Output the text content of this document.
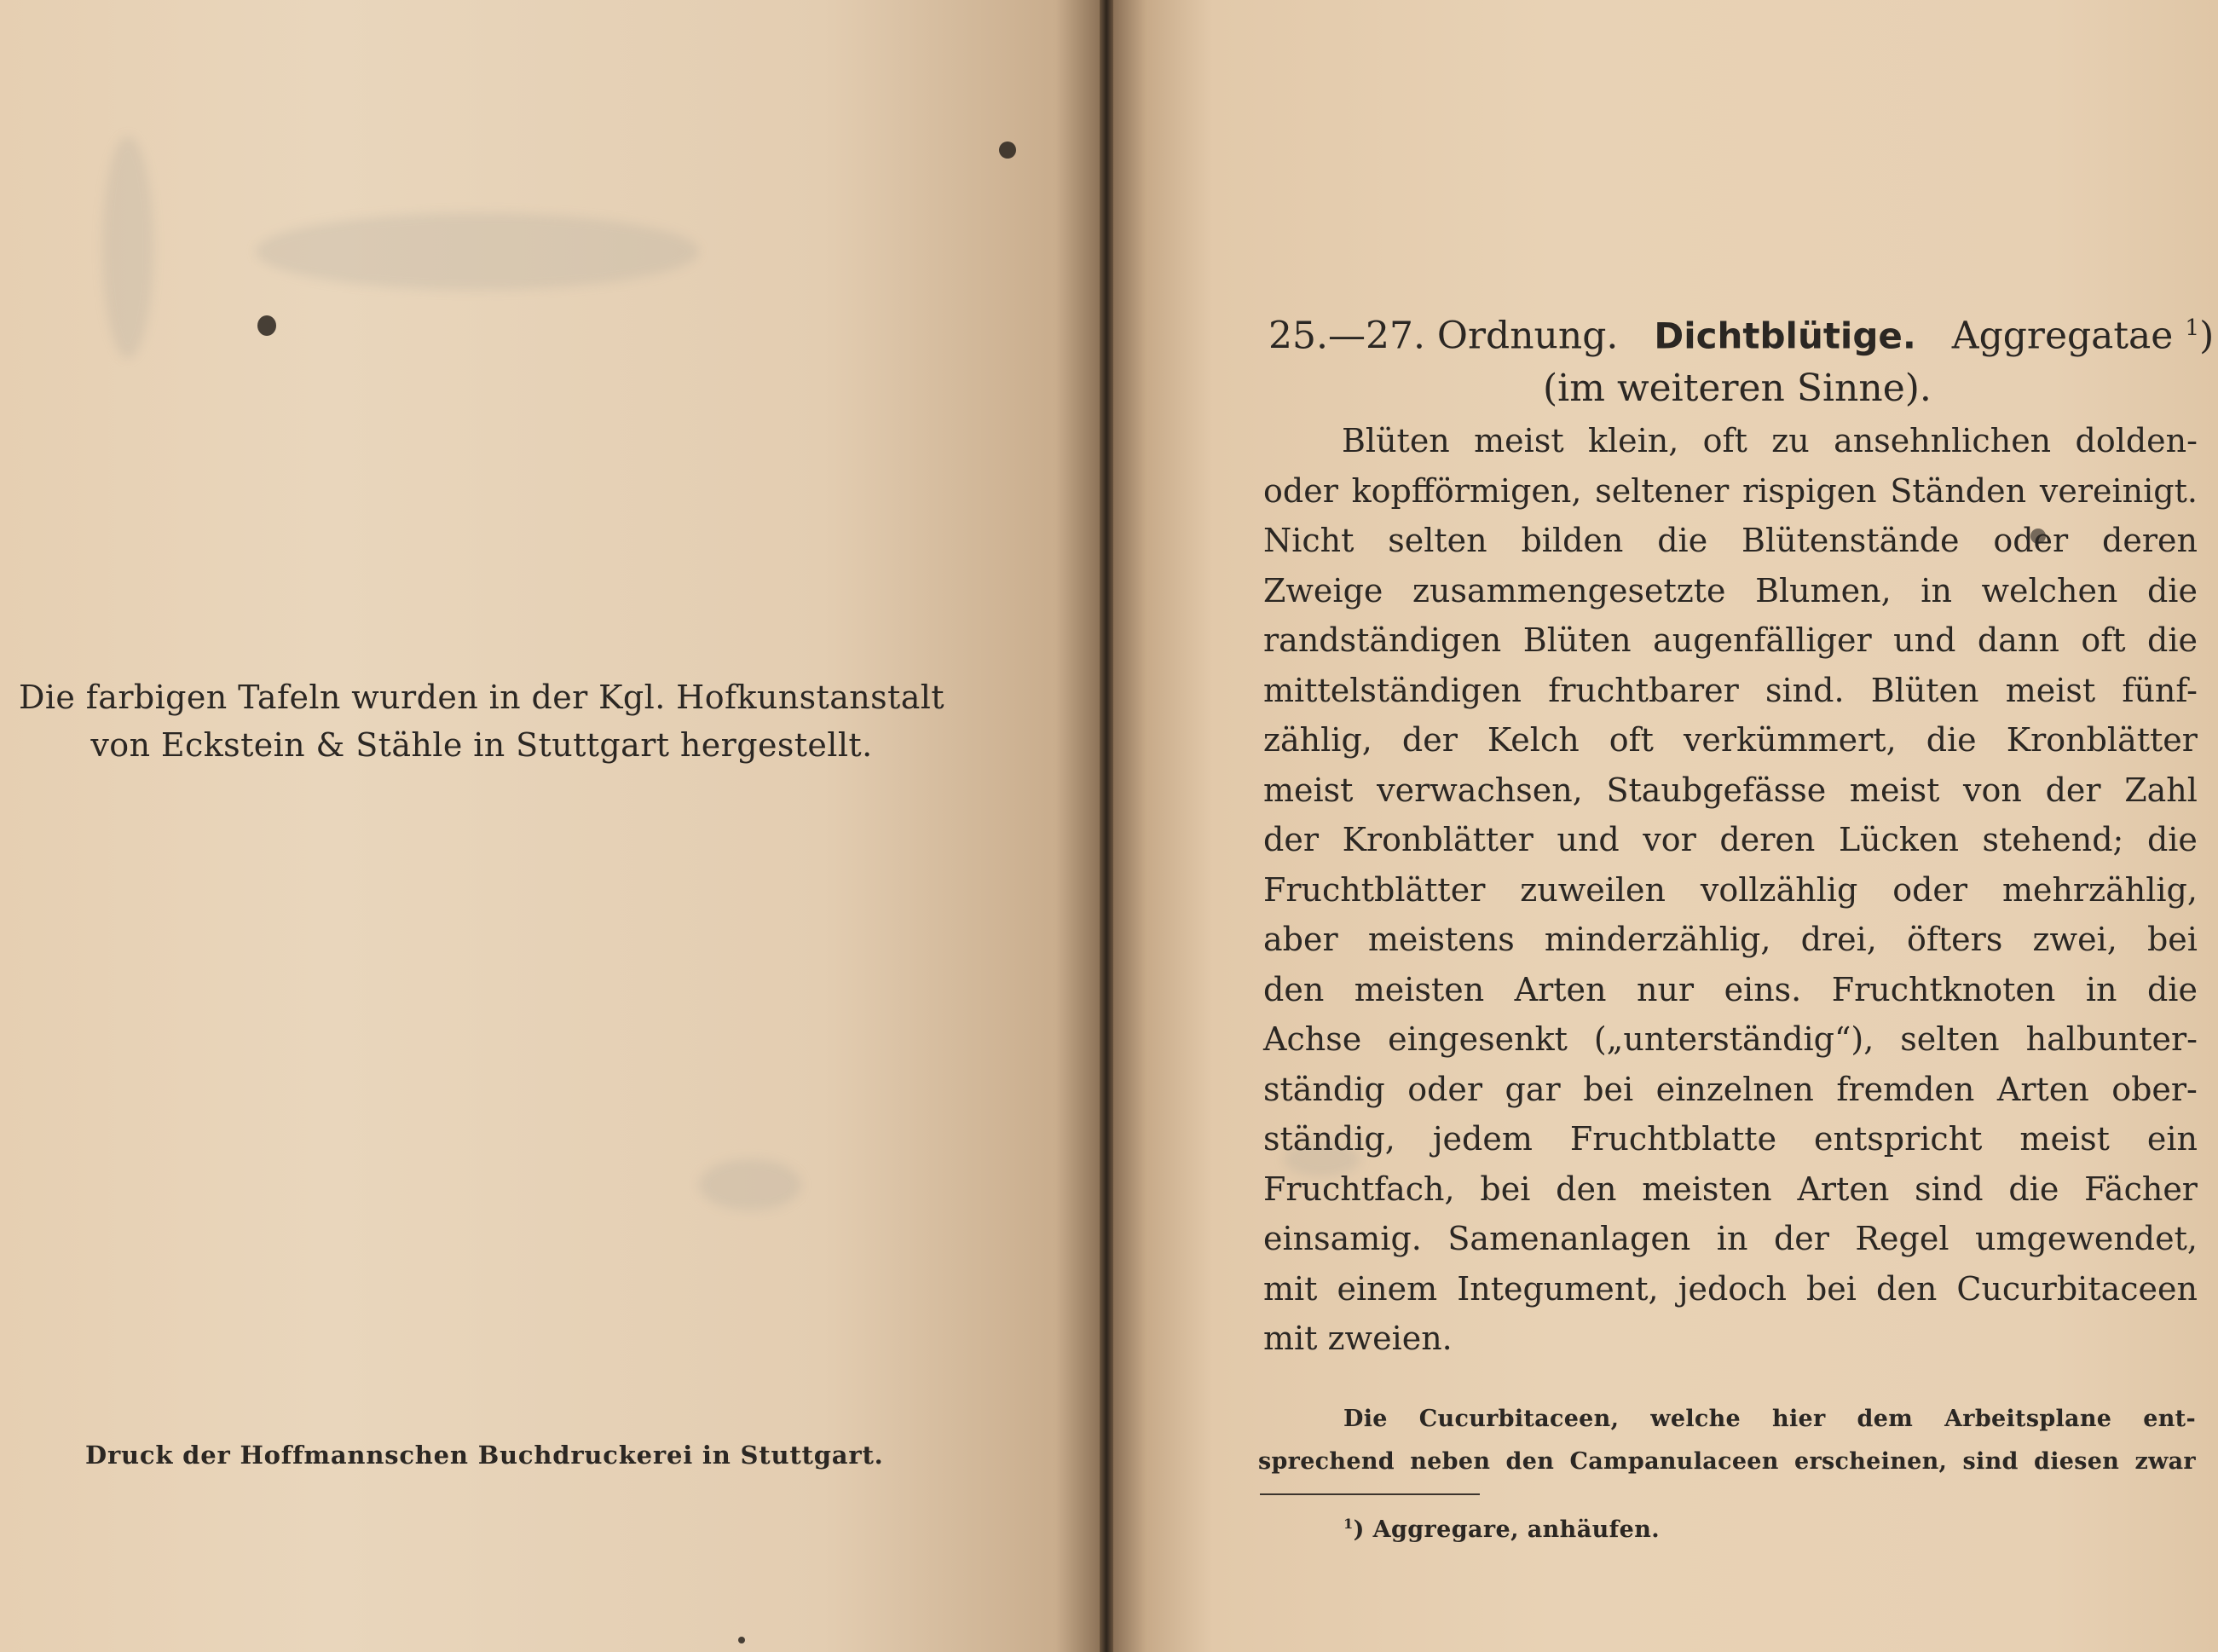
Die farbigen Tafeln wurden in der Kgl. Hofkunstanstalt
von Eckstein & Stähle in Stuttgart hergestellt.
Druck der Hoffmannschen Buchdruckerei in Stuttgart.
25.—27. Ordnung. Dichtblütige. Aggregatae $^1$)
(im weiteren Sinne).
Blüten meist klein, oft zu ansehnlichen dolden-
oder kopfförmigen, seltener rispigen Ständen vereinigt.
Nicht selten bilden die Blütenstände oder deren
Zweige zusammengesetzte Blumen, in welchen die
randständigen Blüten augenfälliger und dann oft die
mittelständigen fruchtbarer sind. Blüten meist fünf-
zählig, der Kelch oft verkümmert, die Kronblätter
meist verwachsen, Staubgefässe meist von der Zahl
der Kronblätter und vor deren Lücken stehend; die
Fruchtblätter zuweilen vollzählig oder mehrzählig,
aber meistens minderzählig, drei, öfters zwei, bei
den meisten Arten nur eins. Fruchtknoten in die
Achse eingesenkt („unterständig“), selten halbunter-
ständig oder gar bei einzelnen fremden Arten ober-
ständig, jedem Fruchtblatte entspricht meist ein
Fruchtfach, bei den meisten Arten sind die Fächer
einsamig. Samenanlagen in der Regel umgewendet,
mit einem Integument, jedoch bei den Cucurbitaceen
mit zweien.
Die Cucurbitaceen, welche hier dem Arbeitsplane ent-
sprechend neben den Campanulaceen erscheinen, sind diesen zwar
$^1$) Aggregare, anhäufen.
